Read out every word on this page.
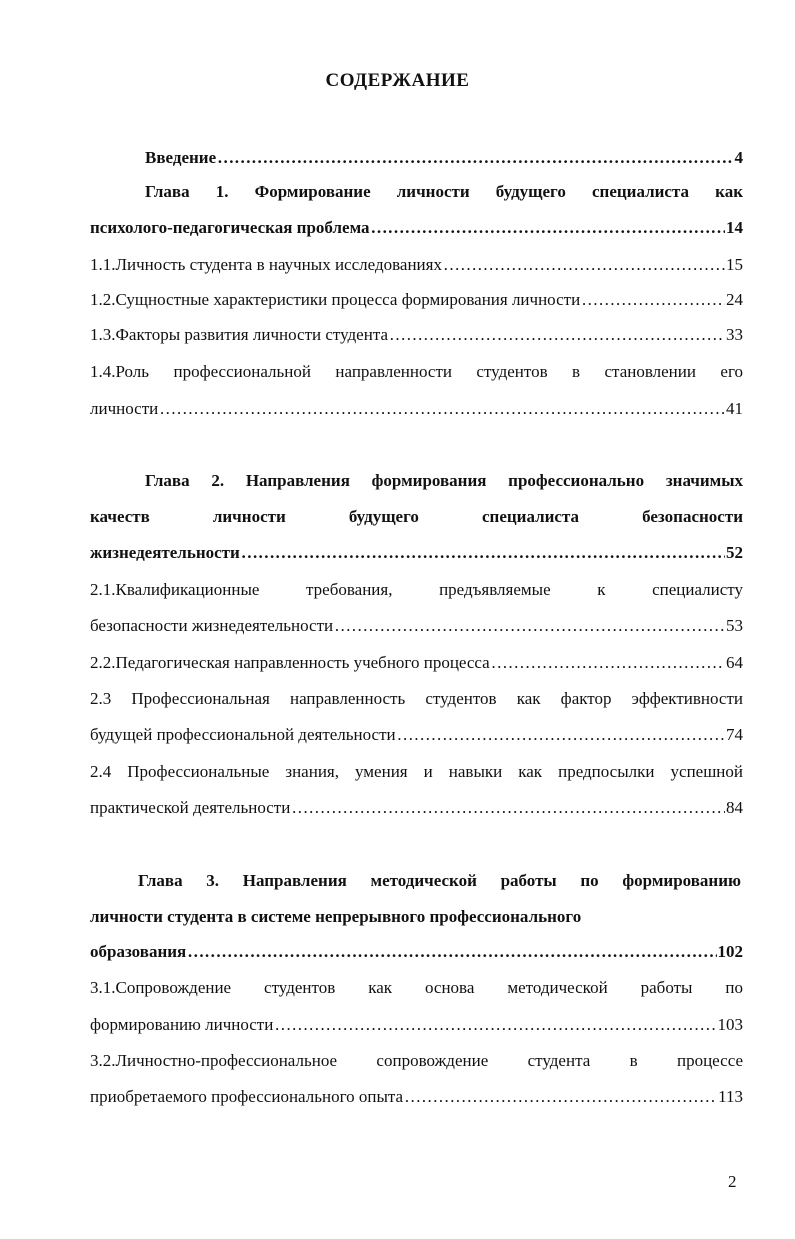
СОДЕРЖАНИЕ
Введение ……………………………………………………………………………………………………………………………………………………………………………………………………………………………………………	4
Глава 1. Формирование личности будущего специалиста как
психолого-педагогическая проблема ……………………………………………………………………………………………………………………………………………………………………………………………………………………………………………	14
1.1.Личность студента в научных исследованиях ……………………………………………………………………………………………………………………………………………………………………………………………………………………………………………	15
1.2.Сущностные характеристики процесса формирования личности ……………………………………………………………………………………………………………………………………………………………………………………………………………………………………………	24
1.3.Факторы развития личности студента ……………………………………………………………………………………………………………………………………………………………………………………………………………………………………………	33
1.4.Роль профессиональной направленности студентов в становлении его
личности ……………………………………………………………………………………………………………………………………………………………………………………………………………………………………………	41
Глава 2. Направления формирования профессионально значимых
качеств личности будущего специалиста безопасности
жизнедеятельности ……………………………………………………………………………………………………………………………………………………………………………………………………………………………………………	52
2.1.Квалификационные требования, предъявляемые к специалисту
безопасности жизнедеятельности ……………………………………………………………………………………………………………………………………………………………………………………………………………………………………………	53
2.2.Педагогическая направленность учебного процесса ……………………………………………………………………………………………………………………………………………………………………………………………………………………………………………	64
2.3 Профессиональная направленность студентов как фактор эффективности
будущей профессиональной деятельности ……………………………………………………………………………………………………………………………………………………………………………………………………………………………………………	74
2.4 Профессиональные знания, умения и навыки как предпосылки успешной
практической деятельности ……………………………………………………………………………………………………………………………………………………………………………………………………………………………………………	84
Глава 3. Направления методической работы по формированию
личности студента в системе непрерывного профессионального
образования ……………………………………………………………………………………………………………………………………………………………………………………………………………………………………………	102
3.1.Сопровождение студентов как основа методической работы по
формированию личности ……………………………………………………………………………………………………………………………………………………………………………………………………………………………………………	103
3.2.Личностно-профессиональное сопровождение студента в процессе
приобретаемого профессионального опыта ……………………………………………………………………………………………………………………………………………………………………………………………………………………………………………	113
2
